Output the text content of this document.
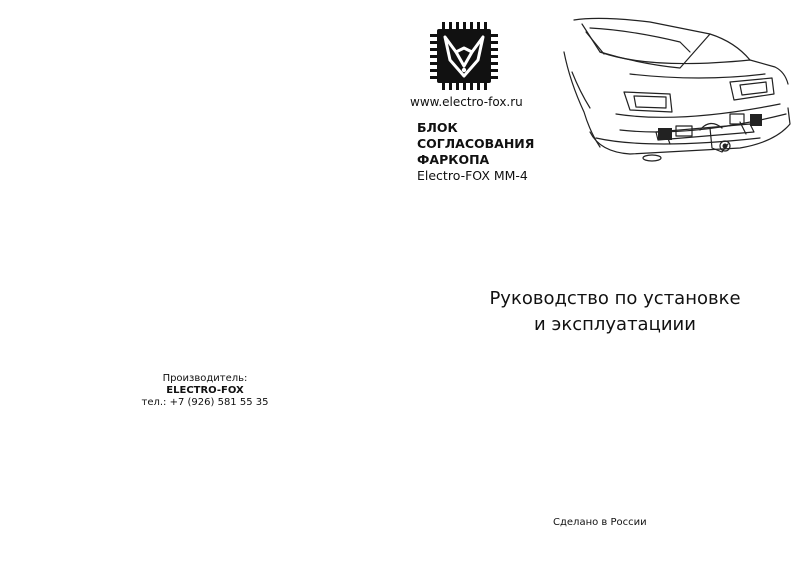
www.electro-fox.ru
БЛОК
СОГЛАСОВАНИЯ
ФАРКОПА
Electro-FOX MM-4
Руководство по установке
и эксплуатациии
Производитель:
ELECTRO-FOX
тел.: +7 (926) 581 55 35
Сделано в России
